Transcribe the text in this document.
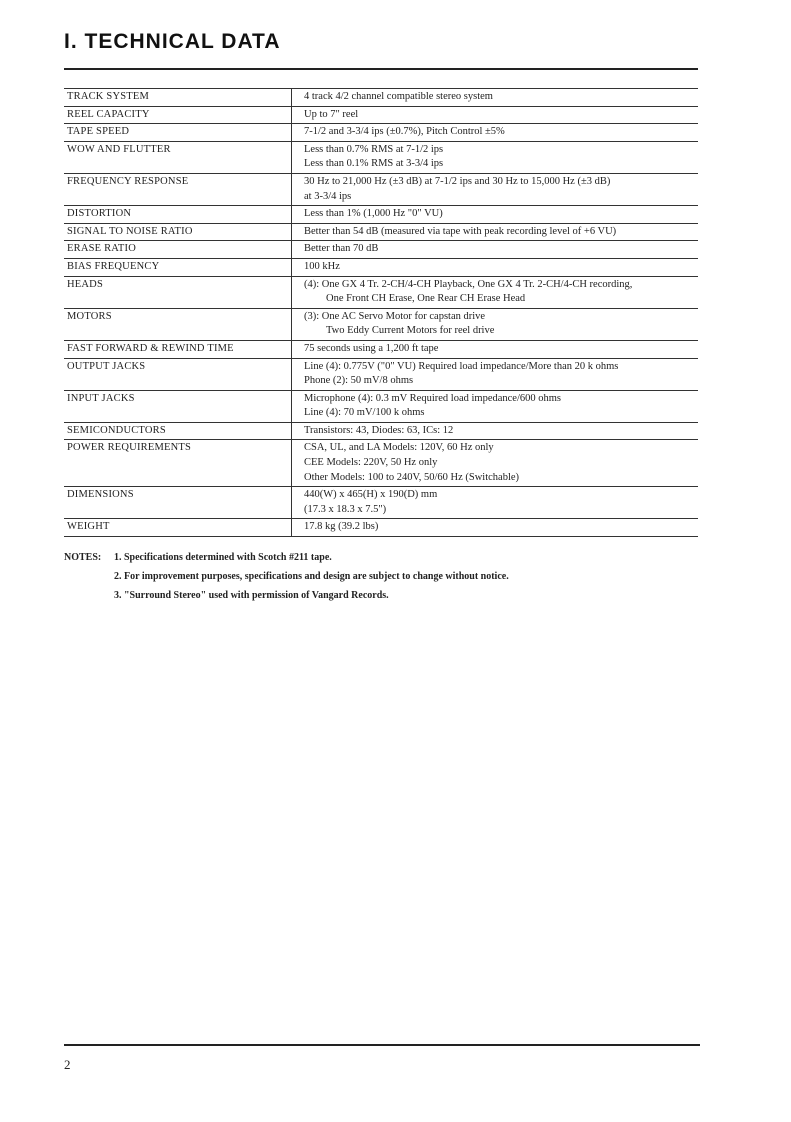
I. TECHNICAL DATA
TRACK SYSTEM	4 track 4/2 channel compatible stereo system

REEL CAPACITY	Up to 7" reel

TAPE SPEED	7-1/2 and 3-3/4 ips (±0.7%), Pitch Control ±5%

WOW AND FLUTTER	Less than 0.7% RMS at 7-1/2 ips
Less than 0.1% RMS at 3-3/4 ips

FREQUENCY RESPONSE	30 Hz to 21,000 Hz (±3 dB) at 7-1/2 ips and 30 Hz to 15,000 Hz (±3 dB)
at 3-3/4 ips

DISTORTION	Less than 1% (1,000 Hz "0" VU)

SIGNAL TO NOISE RATIO	Better than 54 dB (measured via tape with peak recording level of +6 VU)

ERASE RATIO	Better than 70 dB

BIAS FREQUENCY	100 kHz

HEADS	(4): One GX 4 Tr. 2-CH/4-CH Playback, One GX 4 Tr. 2-CH/4-CH recording,
One Front CH Erase, One Rear CH Erase Head

MOTORS	(3): One AC Servo Motor for capstan drive
Two Eddy Current Motors for reel drive

FAST FORWARD & REWIND TIME	75 seconds using a 1,200 ft tape

OUTPUT JACKS	Line (4): 0.775V ("0" VU) Required load impedance/More than 20 k ohms
Phone (2): 50 mV/8 ohms

INPUT JACKS	Microphone (4): 0.3 mV Required load impedance/600 ohms
Line (4): 70 mV/100 k ohms

SEMICONDUCTORS	Transistors: 43, Diodes: 63, ICs: 12

POWER REQUIREMENTS	CSA, UL, and LA Models: 120V, 60 Hz only
CEE Models: 220V, 50 Hz only
Other Models: 100 to 240V, 50/60 Hz (Switchable)

DIMENSIONS	440(W) x 465(H) x 190(D) mm
(17.3 x 18.3 x 7.5")

WEIGHT	17.8 kg (39.2 lbs)
NOTES:	1. Specifications determined with Scotch #211 tape.
2. For improvement purposes, specifications and design are subject to change without notice.
3. "Surround Stereo" used with permission of Vangard Records.
2
